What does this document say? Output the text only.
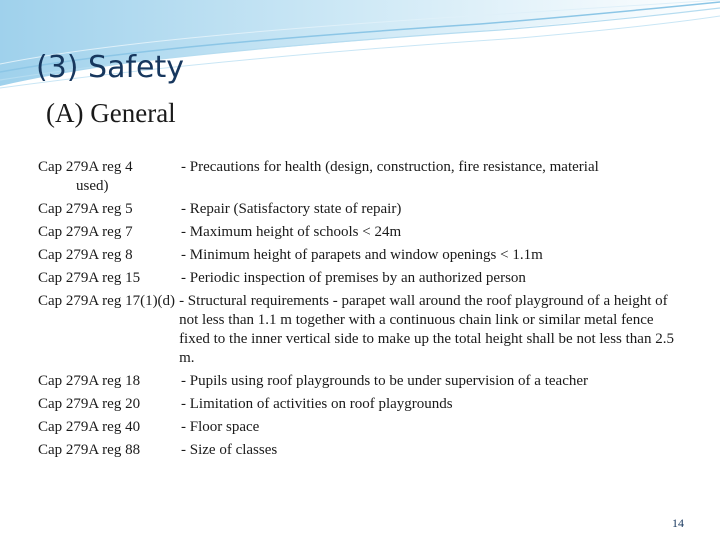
(3) Safety
(A) General
Cap 279A reg 4	- Precautions for health (design, construction, fire resistance, material
used)
Cap 279A reg 5	- Repair (Satisfactory state of repair)
Cap 279A reg 7	- Maximum height of schools < 24m
Cap 279A reg 8	- Minimum height of parapets and window openings < 1.1m
Cap 279A reg 15	- Periodic inspection of premises by an authorized person
Cap 279A reg 17(1)(d) - Structural requirements - parapet wall around the roof playground of a height of not less than 1.1 m together with a continuous chain link or similar metal fence fixed to the inner vertical side to make up the total height shall be not less than 2.5 m.
Cap 279A reg 18	- Pupils using roof playgrounds to be under supervision of a teacher
Cap 279A reg 20	- Limitation of activities on roof playgrounds
Cap 279A reg 40	- Floor space
Cap 279A reg 88	- Size of classes
14
